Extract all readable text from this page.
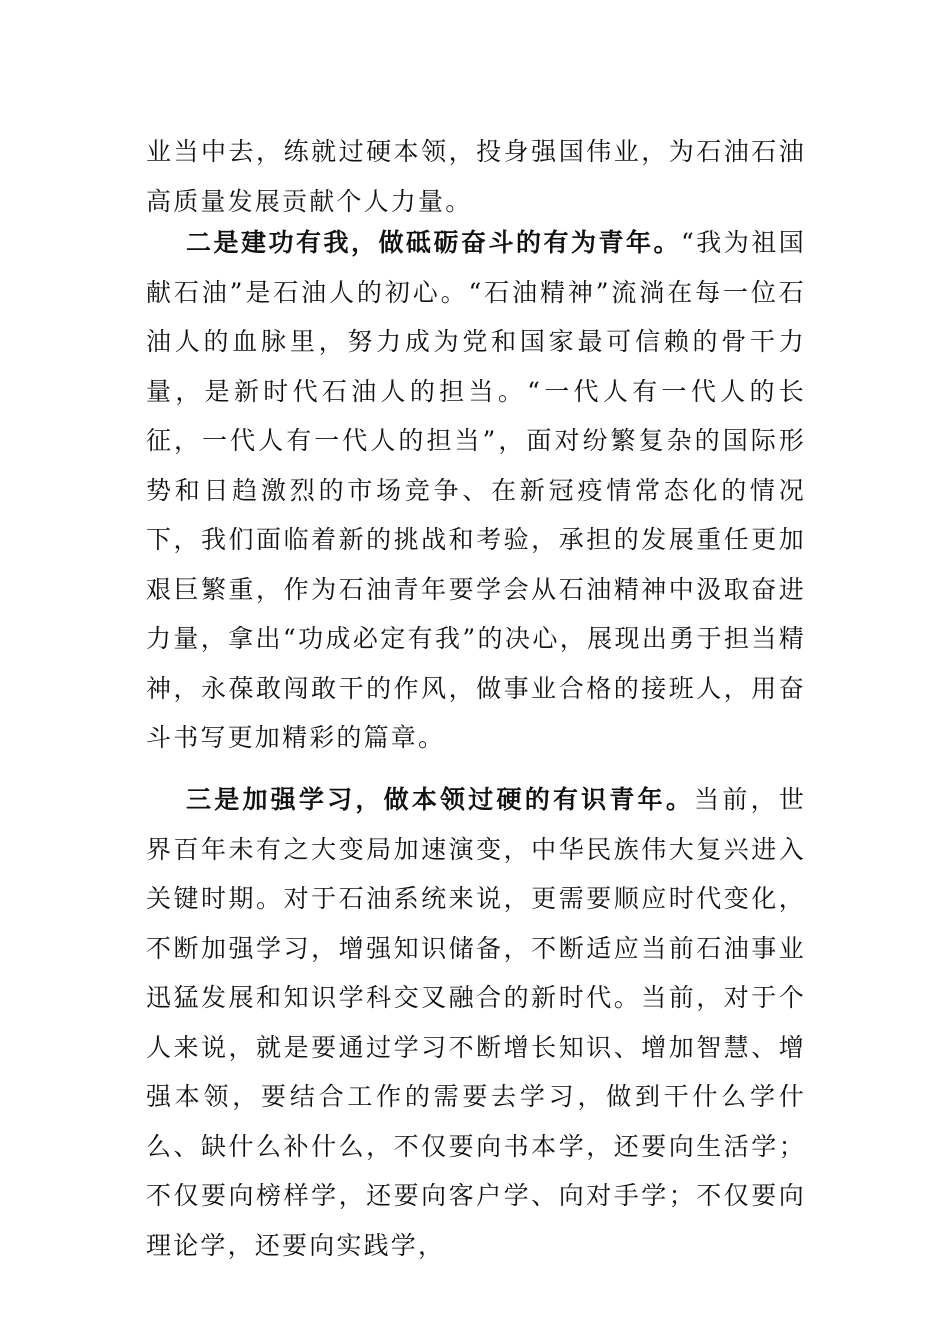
业当中去，练就过硬本领，投身强国伟业，为石油石油高质量发展贡献个人力量。

二是建功有我，做砥砺奋斗的有为青年。“我为祖国献石油”是石油人的初心。“石油精神”流淌在每一位石油人的血脉里，努力成为党和国家最可信赖的骨干力量，是新时代石油人的担当。“一代人有一代人的长征，一代人有一代人的担当”，面对纷繁复杂的国际形势和日趋激烈的市场竞争、在新冠疫情常态化的情况下，我们面临着新的挑战和考验，承担的发展重任更加艰巨繁重，作为石油青年要学会从石油精神中汲取奋进力量，拿出“功成必定有我”的决心，展现出勇于担当精神，永葆敢闯敢干的作风，做事业合格的接班人，用奋斗书写更加精彩的篇章。

三是加强学习，做本领过硬的有识青年。当前，世界百年未有之大变局加速演变，中华民族伟大复兴进入关键时期。对于石油系统来说，更需要顺应时代变化，不断加强学习，增强知识储备，不断适应当前石油事业迅猛发展和知识学科交叉融合的新时代。当前，对于个人来说，就是要通过学习不断增长知识、增加智慧、增强本领，要结合工作的需要去学习，做到干什么学什么、缺什么补什么，不仅要向书本学，还要向生活学；不仅要向榜样学，还要向客户学、向对手学；不仅要向理论学，还要向实践学，
